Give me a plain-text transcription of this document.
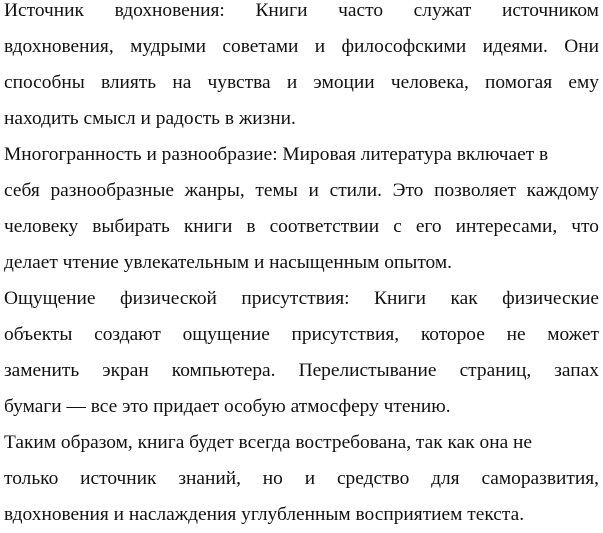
Источник вдохновения: Книги часто служат источником
вдохновения, мудрыми советами и философскими идеями. Они
способны влиять на чувства и эмоции человека, помогая ему
находить смысл и радость в жизни.
Многогранность и разнообразие: Мировая литература включает в
себя разнообразные жанры, темы и стили. Это позволяет каждому
человеку выбирать книги в соответствии с его интересами, что
делает чтение увлекательным и насыщенным опытом.
Ощущение физической присутствия: Книги как физические
объекты создают ощущение присутствия, которое не может
заменить экран компьютера. Перелистывание страниц, запах
бумаги — все это придает особую атмосферу чтению.
Таким образом, книга будет всегда востребована, так как она не
только источник знаний, но и средство для саморазвития,
вдохновения и наслаждения углубленным восприятием текста.
